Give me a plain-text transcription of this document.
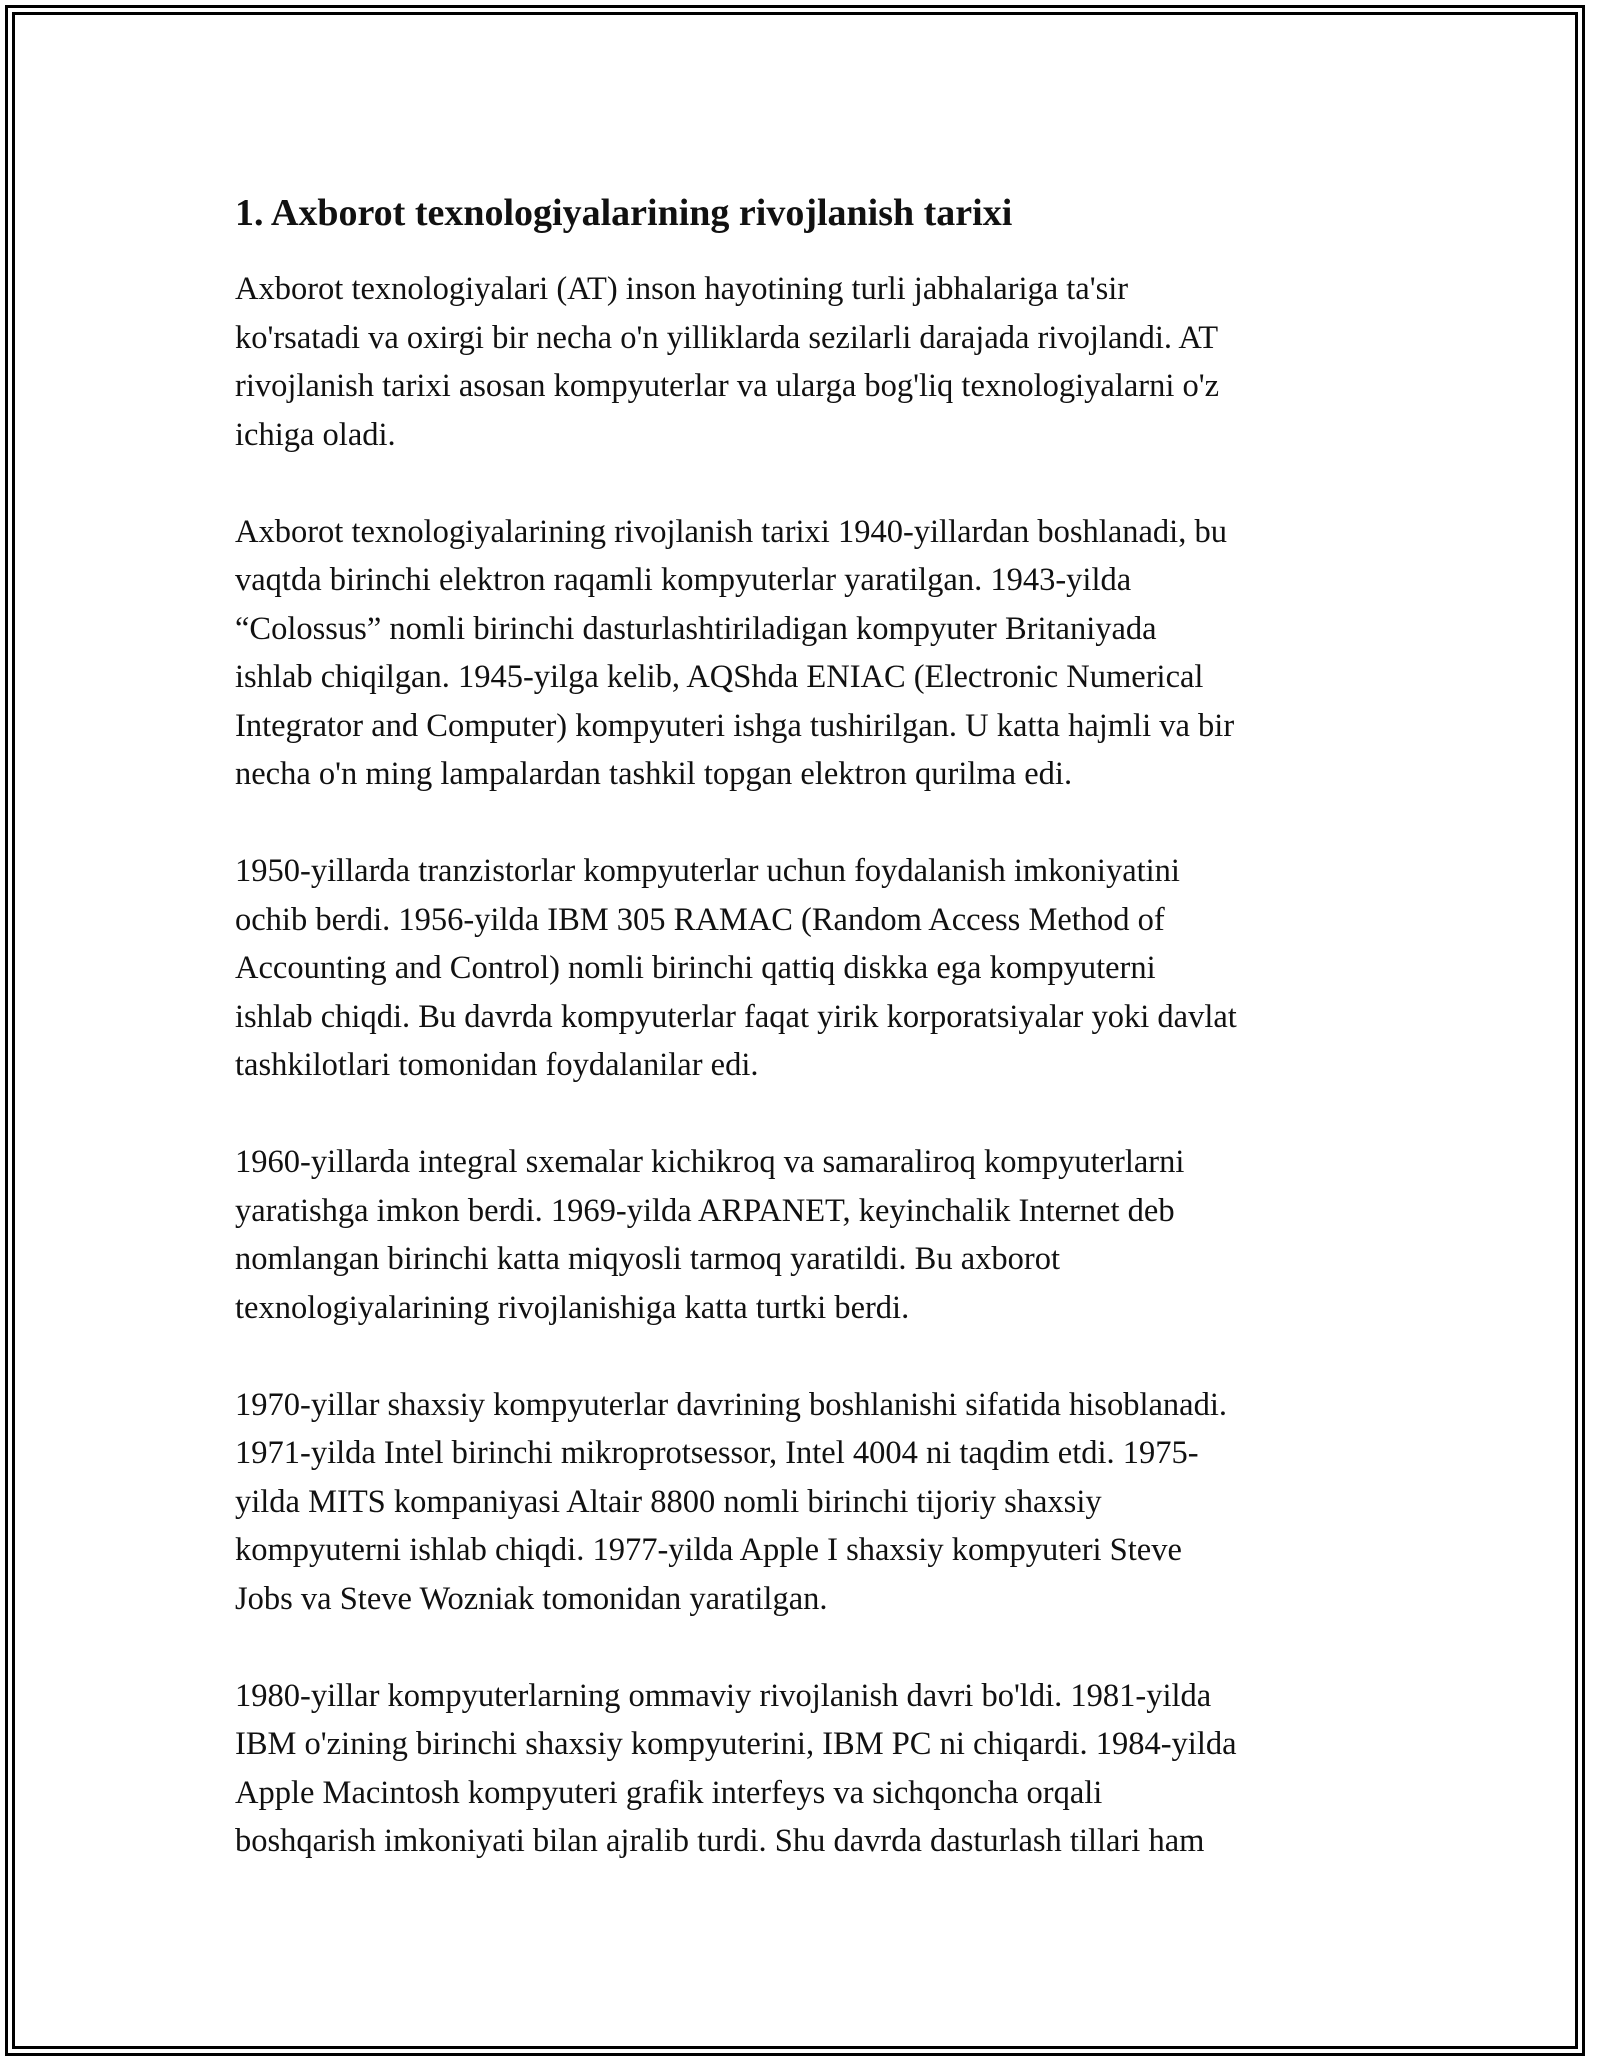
1. Axborot texnologiyalarining rivojlanish tarixi

Axborot texnologiyalari (AT) inson hayotining turli jabhalariga ta'sir
ko'rsatadi va oxirgi bir necha o'n yilliklarda sezilarli darajada rivojlandi. AT
rivojlanish tarixi asosan kompyuterlar va ularga bog'liq texnologiyalarni o'z
ichiga oladi.

Axborot texnologiyalarining rivojlanish tarixi 1940-yillardan boshlanadi, bu
vaqtda birinchi elektron raqamli kompyuterlar yaratilgan. 1943-yilda
“Colossus” nomli birinchi dasturlashtiriladigan kompyuter Britaniyada
ishlab chiqilgan. 1945-yilga kelib, AQShda ENIAC (Electronic Numerical
Integrator and Computer) kompyuteri ishga tushirilgan. U katta hajmli va bir
necha o'n ming lampalardan tashkil topgan elektron qurilma edi.

1950-yillarda tranzistorlar kompyuterlar uchun foydalanish imkoniyatini
ochib berdi. 1956-yilda IBM 305 RAMAC (Random Access Method of
Accounting and Control) nomli birinchi qattiq diskka ega kompyuterni
ishlab chiqdi. Bu davrda kompyuterlar faqat yirik korporatsiyalar yoki davlat
tashkilotlari tomonidan foydalanilar edi.

1960-yillarda integral sxemalar kichikroq va samaraliroq kompyuterlarni
yaratishga imkon berdi. 1969-yilda ARPANET, keyinchalik Internet deb
nomlangan birinchi katta miqyosli tarmoq yaratildi. Bu axborot
texnologiyalarining rivojlanishiga katta turtki berdi.

1970-yillar shaxsiy kompyuterlar davrining boshlanishi sifatida hisoblanadi.
1971-yilda Intel birinchi mikroprotsessor, Intel 4004 ni taqdim etdi. 1975-
yilda MITS kompaniyasi Altair 8800 nomli birinchi tijoriy shaxsiy
kompyuterni ishlab chiqdi. 1977-yilda Apple I shaxsiy kompyuteri Steve
Jobs va Steve Wozniak tomonidan yaratilgan.

1980-yillar kompyuterlarning ommaviy rivojlanish davri bo'ldi. 1981-yilda
IBM o'zining birinchi shaxsiy kompyuterini, IBM PC ni chiqardi. 1984-yilda
Apple Macintosh kompyuteri grafik interfeys va sichqoncha orqali
boshqarish imkoniyati bilan ajralib turdi. Shu davrda dasturlash tillari ham
